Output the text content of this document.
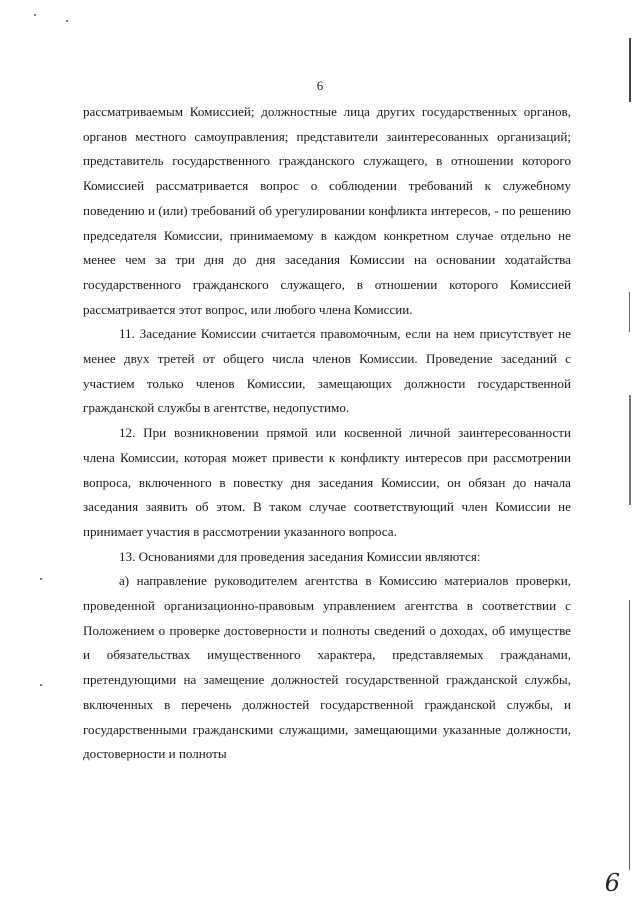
6

рассматриваемым Комиссией; должностные лица других государственных органов, органов местного самоуправления; представители заинтересованных организаций; представитель государственного гражданского служащего, в отношении которого Комиссией рассматривается вопрос о соблюдении требований к служебному поведению и (или) требований об урегулировании конфликта интересов, - по решению председателя Комиссии, принимаемому в каждом конкретном случае отдельно не менее чем за три дня до дня заседания Комиссии на основании ходатайства государственного гражданского служащего, в отношении которого Комиссией рассматривается этот вопрос, или любого члена Комиссии.

11. Заседание Комиссии считается правомочным, если на нем присутствует не менее двух третей от общего числа членов Комиссии. Проведение заседаний с участием только членов Комиссии, замещающих должности государственной гражданской службы в агентстве, недопустимо.

12. При возникновении прямой или косвенной личной заинтересованности члена Комиссии, которая может привести к конфликту интересов при рассмотрении вопроса, включенного в повестку дня заседания Комиссии, он обязан до начала заседания заявить об этом. В таком случае соответствующий член Комиссии не принимает участия в рассмотрении указанного вопроса.

13. Основаниями для проведения заседания Комиссии являются:

а) направление руководителем агентства в Комиссию материалов проверки, проведенной организационно-правовым управлением агентства в соответствии с Положением о проверке достоверности и полноты сведений о доходах, об имуществе и обязательствах имущественного характера, представляемых гражданами, претендующими на замещение должностей государственной гражданской службы, включенных в перечень должностей государственной гражданской службы, и государственными гражданскими служащими, замещающими указанные должности, достоверности и полноты

6
